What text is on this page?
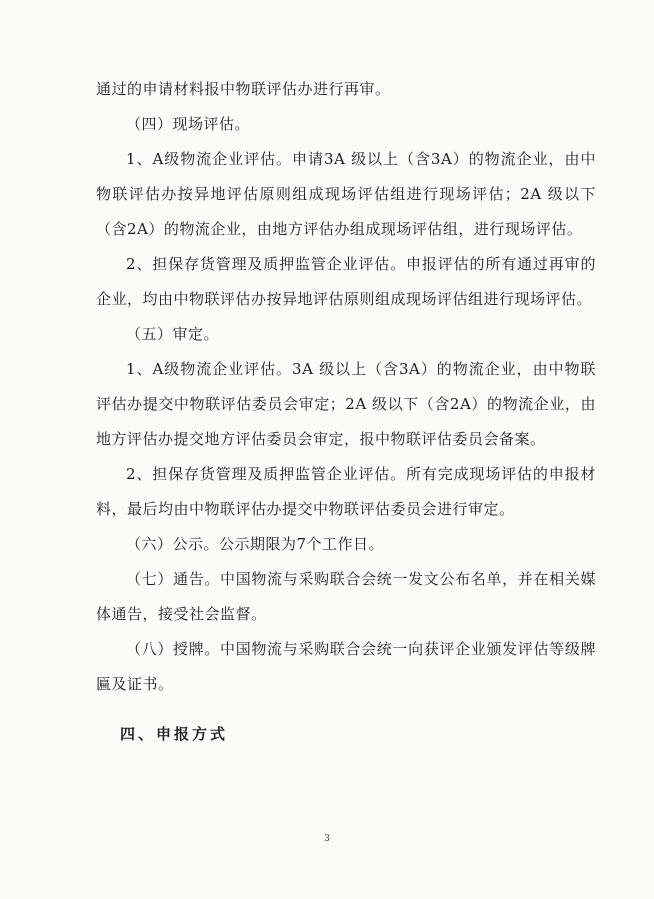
通过的申请材料报中物联评估办进行再审。

（四）现场评估。

1、A级物流企业评估。申请3A 级以上（含3A）的物流企业，由中物联评估办按异地评估原则组成现场评估组进行现场评估；2A 级以下（含2A）的物流企业，由地方评估办组成现场评估组，进行现场评估。

2、担保存货管理及质押监管企业评估。申报评估的所有通过再审的企业，均由中物联评估办按异地评估原则组成现场评估组进行现场评估。

（五）审定。

1、A级物流企业评估。3A 级以上（含3A）的物流企业，由中物联评估办提交中物联评估委员会审定；2A 级以下（含2A）的物流企业，由地方评估办提交地方评估委员会审定，报中物联评估委员会备案。

2、担保存货管理及质押监管企业评估。所有完成现场评估的申报材料，最后均由中物联评估办提交中物联评估委员会进行审定。

（六）公示。公示期限为7个工作日。

（七）通告。中国物流与采购联合会统一发文公布名单，并在相关媒体通告，接受社会监督。

（八）授牌。中国物流与采购联合会统一向获评企业颁发评估等级牌匾及证书。

四、申报方式

3
